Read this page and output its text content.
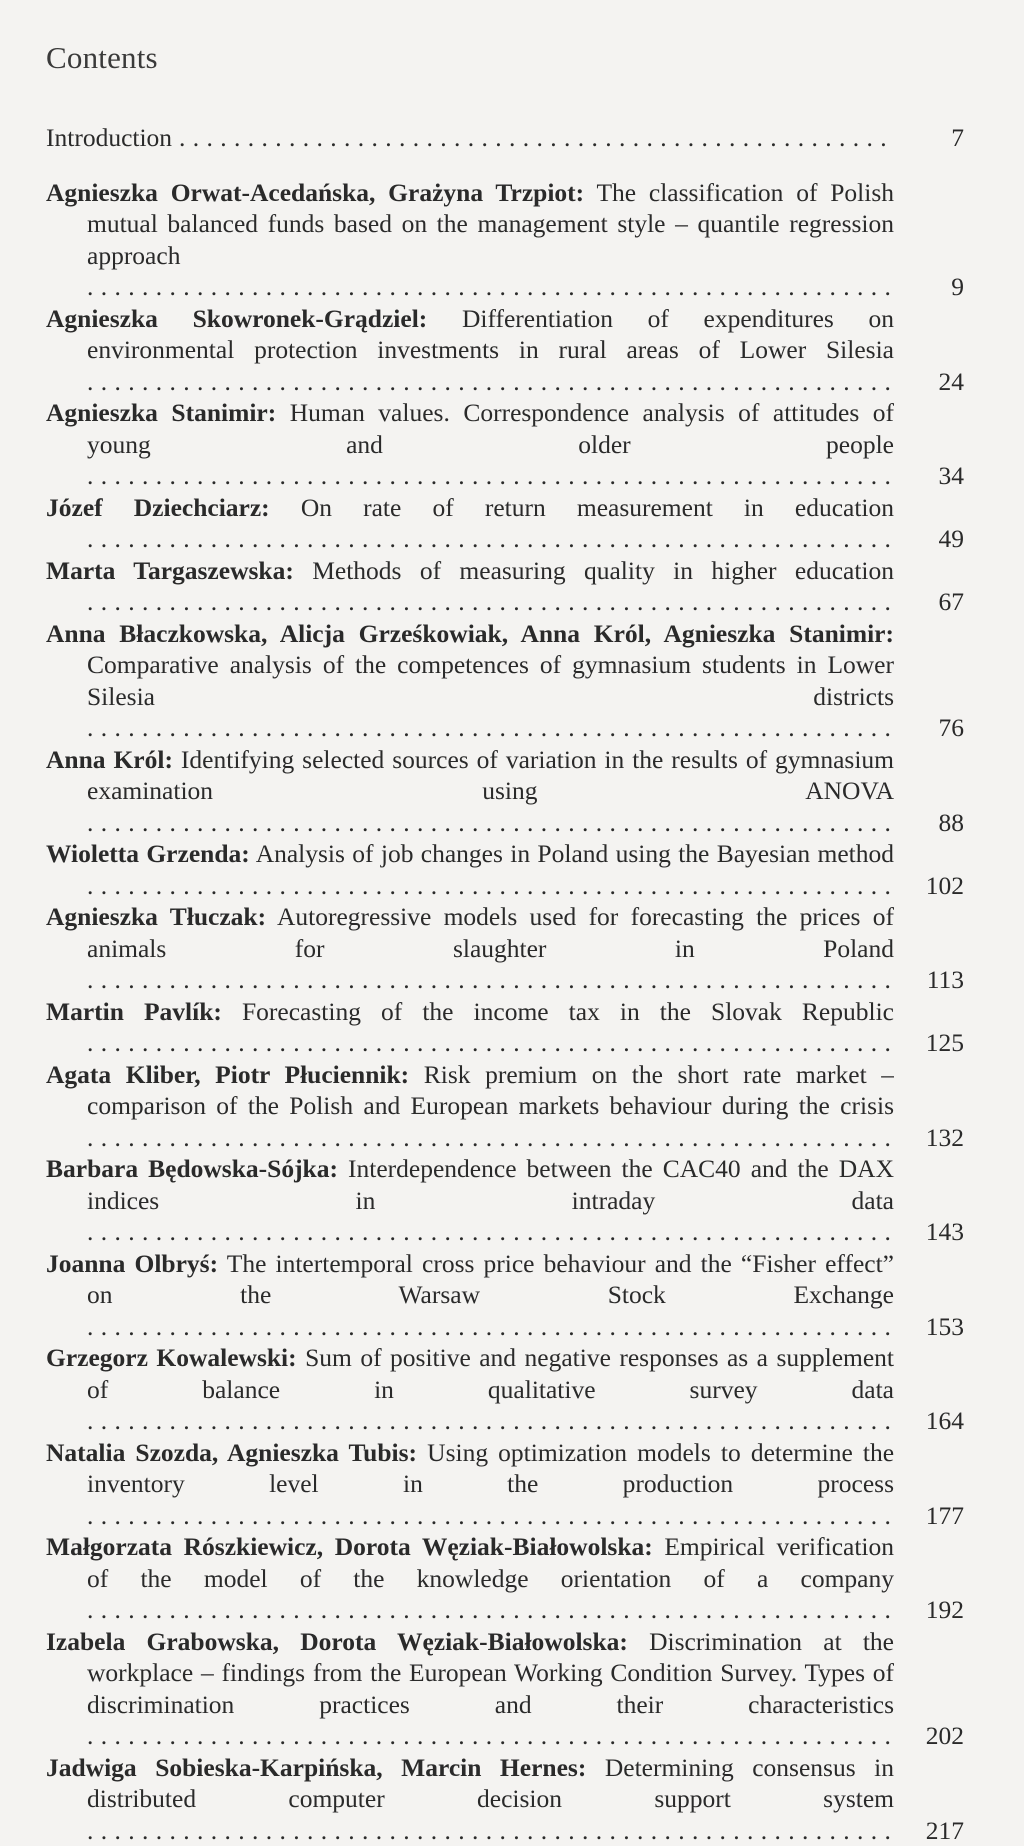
Contents
Introduction . . .	7
Agnieszka Orwat-Acedańska, Grażyna Trzpiot: The classification of Polish mutual balanced funds based on the management style – quantile regression approach . . .
9
Agnieszka Skowronek-Grądziel: Differentiation of expenditures on environmental protection investments in rural areas of Lower Silesia . . .
24
Agnieszka Stanimir: Human values. Correspondence analysis of attitudes of young and older people . . .
34
Józef Dziechciarz: On rate of return measurement in education . . .
49
Marta Targaszewska: Methods of measuring quality in higher education . . .
67
Anna Błaczkowska, Alicja Grześkowiak, Anna Król, Agnieszka Stanimir: Comparative analysis of the competences of gymnasium students in Lower Silesia districts . . .
76
Anna Król: Identifying selected sources of variation in the results of gymnasium examination using ANOVA . . .
88
Wioletta Grzenda: Analysis of job changes in Poland using the Bayesian method . . .
102
Agnieszka Tłuczak: Autoregressive models used for forecasting the prices of animals for slaughter in Poland . . .
113
Martin Pavlík: Forecasting of the income tax in the Slovak Republic . . .
125
Agata Kliber, Piotr Płuciennik: Risk premium on the short rate market – comparison of the Polish and European markets behaviour during the crisis . . .
132
Barbara Będowska-Sójka: Interdependence between the CAC40 and the DAX indices in intraday data . . .
143
Joanna Olbryś: The intertemporal cross price behaviour and the “Fisher effect” on the Warsaw Stock Exchange . . .
153
Grzegorz Kowalewski: Sum of positive and negative responses as a supplement of balance in qualitative survey data . . .
164
Natalia Szozda, Agnieszka Tubis: Using optimization models to determine the inventory level in the production process . . .
177
Małgorzata Rószkiewicz, Dorota Węziak-Białowolska: Empirical verification of the model of the knowledge orientation of a company . . .
192
Izabela Grabowska, Dorota Węziak-Białowolska: Discrimination at the workplace – findings from the European Working Condition Survey. Types of discrimination practices and their characteristics . . .
202
Jadwiga Sobieska-Karpińska, Marcin Hernes: Determining consensus in distributed computer decision support system . . .
217
